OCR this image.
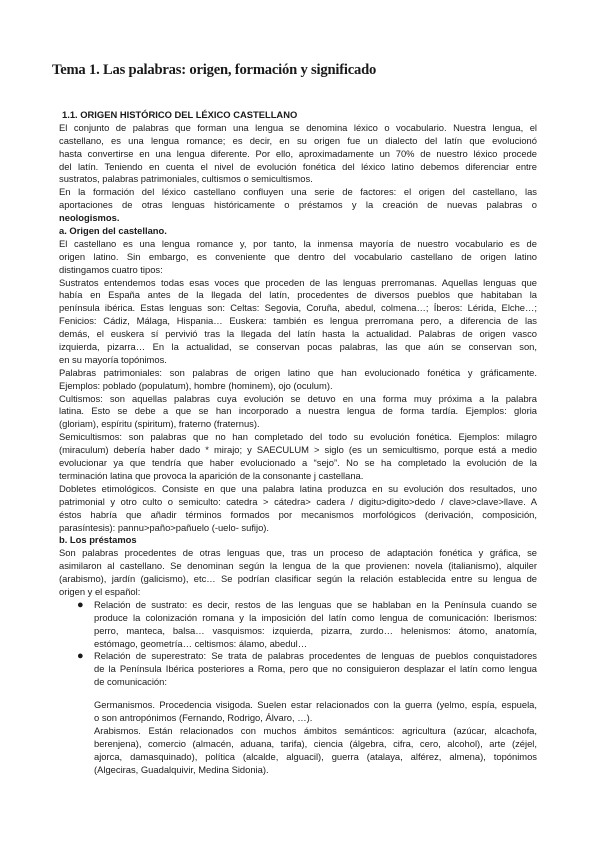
Tema 1. Las palabras: origen, formación y significado
1.1. ORIGEN HISTÓRICO DEL LÉXICO CASTELLANO
El conjunto de palabras que forman una lengua se denomina léxico o vocabulario. Nuestra lengua, el
castellano, es una lengua romance; es decir, en su origen fue un dialecto del latín que evolucionó
hasta convertirse en una lengua diferente. Por ello, aproximadamente un 70% de nuestro léxico procede
del latín. Teniendo en cuenta el nivel de evolución fonética del léxico latino debemos diferenciar entre
sustratos, palabras patrimoniales, cultismos o semicultismos.
En la formación del léxico castellano confluyen una serie de factores: el origen del castellano, las
aportaciones de otras lenguas históricamente o préstamos y la creación de nuevas palabras o
neologismos.
a. Origen del castellano.
El castellano es una lengua romance y, por tanto, la inmensa mayoría de nuestro vocabulario es de
origen latino. Sin embargo, es conveniente que dentro del vocabulario castellano de origen latino
distingamos cuatro tipos:
Sustratos entendemos todas esas voces que proceden de las lenguas prerromanas. Aquellas lenguas que
había en España antes de la llegada del latín, procedentes de diversos pueblos que habitaban la
península ibérica. Estas lenguas son: Celtas: Segovia, Coruña, abedul, colmena…; Íberos: Lérida, Elche…;
Fenicios: Cádiz, Málaga, Hispania… Euskera: también es lengua prerromana pero, a diferencia de las
demás, el euskera sí pervivió tras la llegada del latín hasta la actualidad. Palabras de origen vasco
izquierda, pizarra… En la actualidad, se conservan pocas palabras, las que aún se conservan son,
en su mayoría topónimos.
Palabras patrimoniales: son palabras de origen latino que han evolucionado fonética y gráficamente.
Ejemplos: poblado (populatum), hombre (hominem), ojo (oculum).
Cultismos: son aquellas palabras cuya evolución se detuvo en una forma muy próxima a la palabra
latina. Esto se debe a que se han incorporado a nuestra lengua de forma tardía. Ejemplos: gloria
(gloriam), espíritu (spiritum), fraterno (fraternus).
Semicultismos: son palabras que no han completado del todo su evolución fonética. Ejemplos: milagro
(miraculum) debería haber dado * mirajo; y SAECULUM > siglo (es un semicultismo, porque está a medio
evolucionar ya que tendría que haber evolucionado a “sejo”. No se ha completado la evolución de la
terminación latina que provoca la aparición de la consonante j castellana.
Dobletes etimológicos. Consiste en que una palabra latina produzca en su evolución dos resultados, uno
patrimonial y otro culto o semiculto: catedra > cátedra> cadera / digitu>digito>dedo / clave>clave>llave. A
éstos habría que añadir términos formados por mecanismos morfológicos (derivación, composición,
parasíntesis): pannu>paño>pañuelo (-uelo- sufijo).
b. Los préstamos
Son palabras procedentes de otras lenguas que, tras un proceso de adaptación fonética y gráfica, se
asimilaron al castellano. Se denominan según la lengua de la que provienen: novela (italianismo), alquiler
(arabismo), jardín (galicismo), etc… Se podrían clasificar según la relación establecida entre su lengua de
origen y el español:
● Relación de sustrato: es decir, restos de las lenguas que se hablaban en la Península cuando se
produce la colonización romana y la imposición del latín como lengua de comunicación: Iberismos:
perro, manteca, balsa… vasquismos: izquierda, pizarra, zurdo… helenismos: átomo, anatomía,
estómago, geometría… celtismos: álamo, abedul…
● Relación de superestrato: Se trata de palabras procedentes de lenguas de pueblos conquistadores
de la Península Ibérica posteriores a Roma, pero que no consiguieron desplazar el latín como lengua
de comunicación:
Germanismos. Procedencia visigoda. Suelen estar relacionados con la guerra (yelmo, espía, espuela,
o son antropónimos (Fernando, Rodrigo, Álvaro, …).
Arabismos. Están relacionados con muchos ámbitos semánticos: agricultura (azúcar, alcachofa,
berenjena), comercio (almacén, aduana, tarifa), ciencia (álgebra, cifra, cero, alcohol), arte (zéjel,
ajorca, damasquinado), política (alcalde, alguacil), guerra (atalaya, alférez, almena), topónimos
(Algeciras, Guadalquivir, Medina Sidonia).
